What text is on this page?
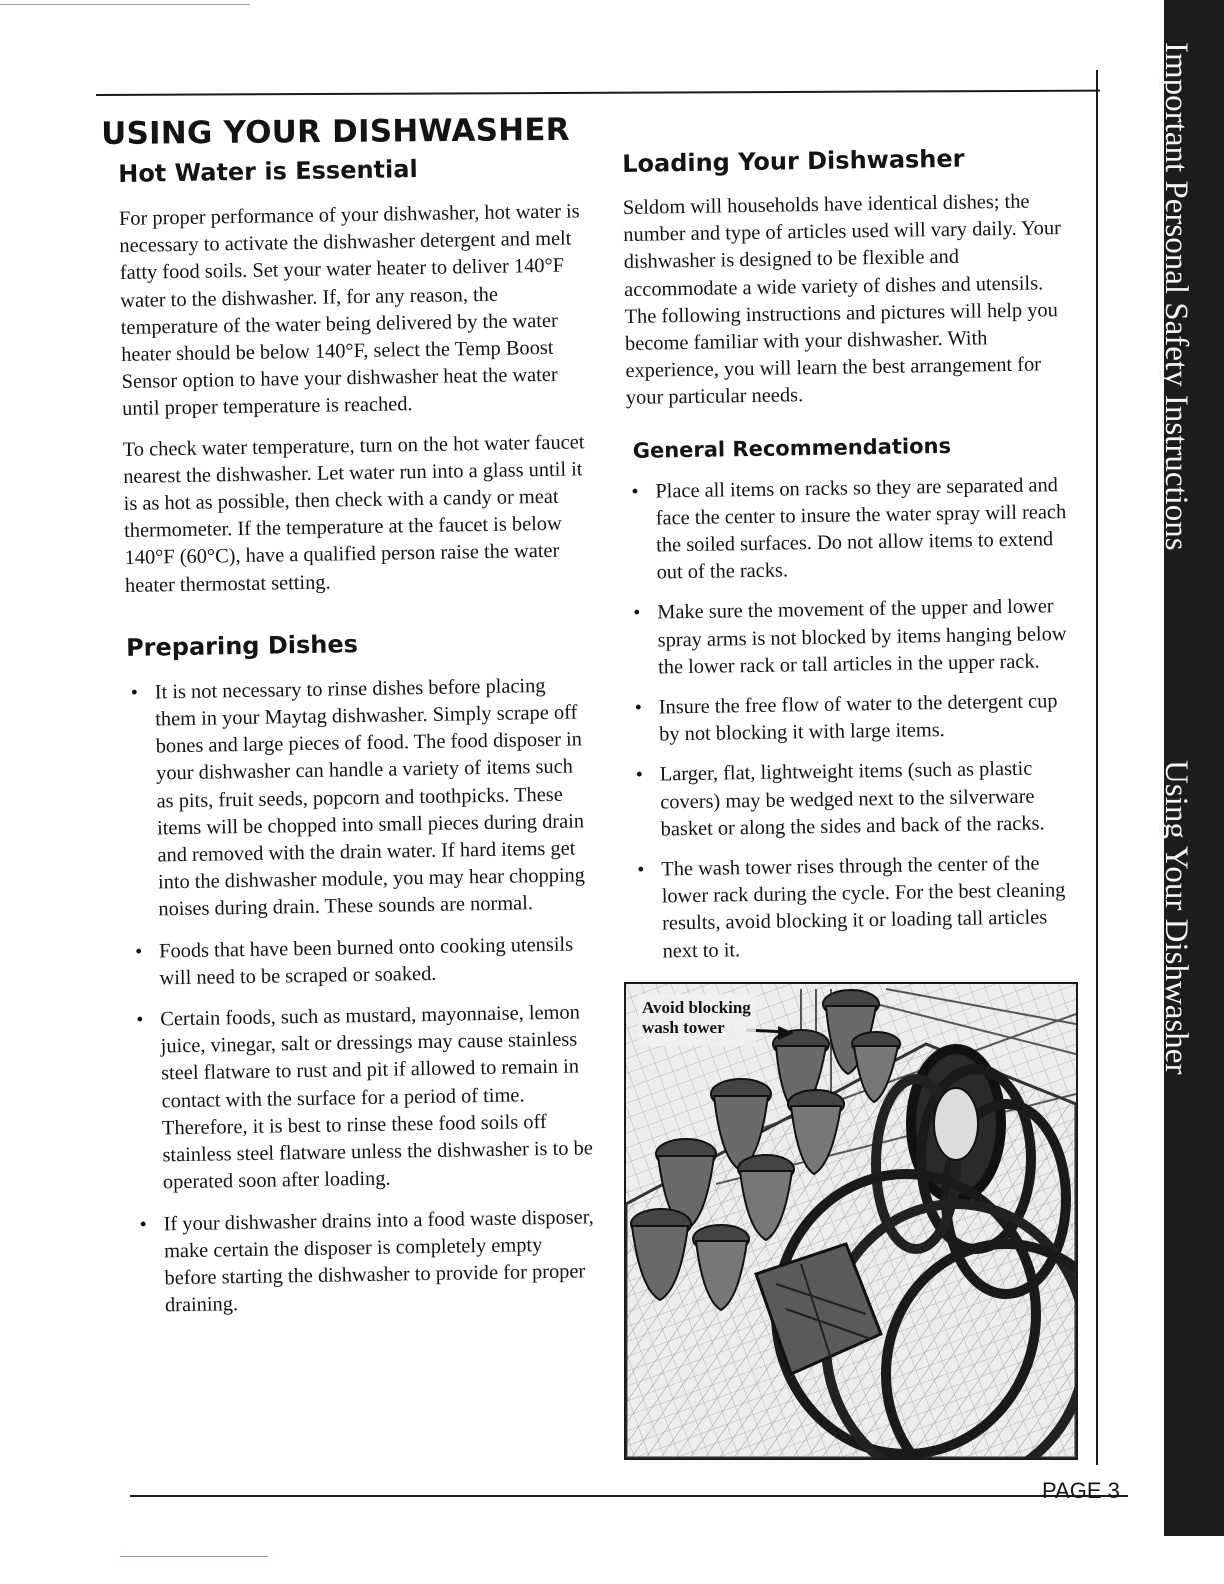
Important Personal Safety Instructions
Using Your Dishwasher
USING YOUR DISHWASHER
Hot Water is Essential

For proper performance of your dishwasher, hot water is necessary to activate the dishwasher detergent and melt fatty food soils. Set your water heater to deliver 140°F water to the dishwasher. If, for any reason, the temperature of the water being delivered by the water heater should be below 140°F, select the Temp Boost Sensor option to have your dishwasher heat the water until proper temperature is reached.

To check water temperature, turn on the hot water faucet nearest the dishwasher. Let water run into a glass until it is as hot as possible, then check with a candy or meat thermometer. If the temperature at the faucet is below 140°F (60°C), have a qualified person raise the water heater thermostat setting.

Preparing Dishes
• It is not necessary to rinse dishes before placing them in your Maytag dishwasher. Simply scrape off bones and large pieces of food. The food disposer in your dishwasher can handle a variety of items such as pits, fruit seeds, popcorn and toothpicks. These items will be chopped into small pieces during drain and removed with the drain water. If hard items get into the dishwasher module, you may hear chopping noises during drain. These sounds are normal.
• Foods that have been burned onto cooking utensils will need to be scraped or soaked.
• Certain foods, such as mustard, mayonnaise, lemon juice, vinegar, salt or dressings may cause stainless steel flatware to rust and pit if allowed to remain in contact with the surface for a period of time. Therefore, it is best to rinse these food soils off stainless steel flatware unless the dishwasher is to be operated soon after loading.
• If your dishwasher drains into a food waste disposer, make certain the disposer is completely empty before starting the dishwasher to provide for proper draining.
Loading Your Dishwasher

Seldom will households have identical dishes; the number and type of articles used will vary daily. Your dishwasher is designed to be flexible and accommodate a wide variety of dishes and utensils. The following instructions and pictures will help you become familiar with your dishwasher. With experience, you will learn the best arrangement for your particular needs.

General Recommendations
• Place all items on racks so they are separated and face the center to insure the water spray will reach the soiled surfaces. Do not allow items to extend out of the racks.
• Make sure the movement of the upper and lower spray arms is not blocked by items hanging below the lower rack or tall articles in the upper rack.
• Insure the free flow of water to the detergent cup by not blocking it with large items.
• Larger, flat, lightweight items (such as plastic covers) may be wedged next to the silverware basket or along the sides and back of the racks.
• The wash tower rises through the center of the lower rack during the cycle. For the best cleaning results, avoid blocking it or loading tall articles next to it.
Avoid blocking
wash tower
PAGE 3
